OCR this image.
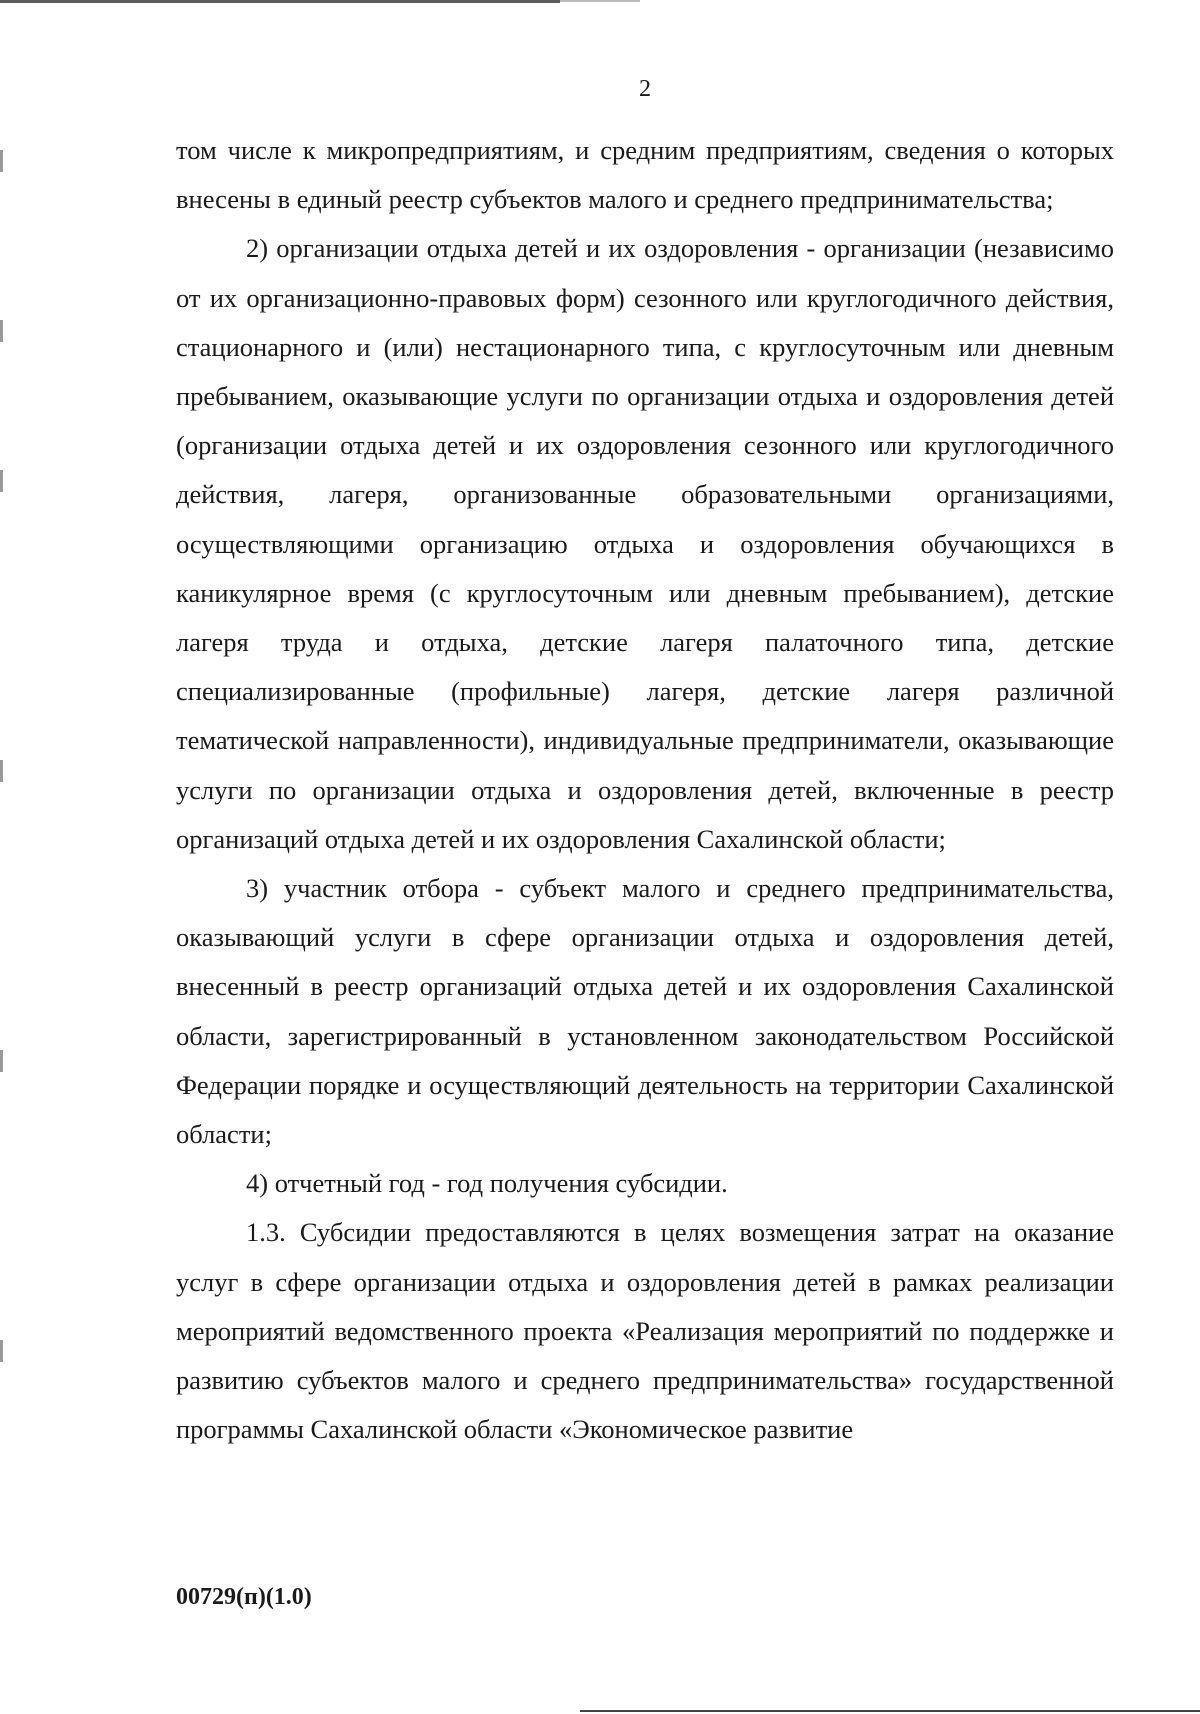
2

том числе к микропредприятиям, и средним предприятиям, сведения о которых внесены в единый реестр субъектов малого и среднего предпринимательства;

2) организации отдыха детей и их оздоровления - организации (независимо от их организационно-правовых форм) сезонного или круглогодичного действия, стационарного и (или) нестационарного типа, с круглосуточным или дневным пребыванием, оказывающие услуги по организации отдыха и оздоровления детей (организации отдыха детей и их оздоровления сезонного или круглогодичного действия, лагеря, организованные образовательными организациями, осуществляющими организацию отдыха и оздоровления обучающихся в каникулярное время (с круглосуточным или дневным пребыванием), детские лагеря труда и отдыха, детские лагеря палаточного типа, детские специализированные (профильные) лагеря, детские лагеря различной тематической направленности), индивидуальные предприниматели, оказывающие услуги по организации отдыха и оздоровления детей, включенные в реестр организаций отдыха детей и их оздоровления Сахалинской области;

3) участник отбора - субъект малого и среднего предпринимательства, оказывающий услуги в сфере организации отдыха и оздоровления детей, внесенный в реестр организаций отдыха детей и их оздоровления Сахалинской области, зарегистрированный в установленном законодательством Российской Федерации порядке и осуществляющий деятельность на территории Сахалинской области;

4) отчетный год - год получения субсидии.

1.3. Субсидии предоставляются в целях возмещения затрат на оказание услуг в сфере организации отдыха и оздоровления детей в рамках реализации мероприятий ведомственного проекта «Реализация мероприятий по поддержке и развитию субъектов малого и среднего предпринимательства» государственной программы Сахалинской области «Экономическое развитие

00729(п)(1.0)
